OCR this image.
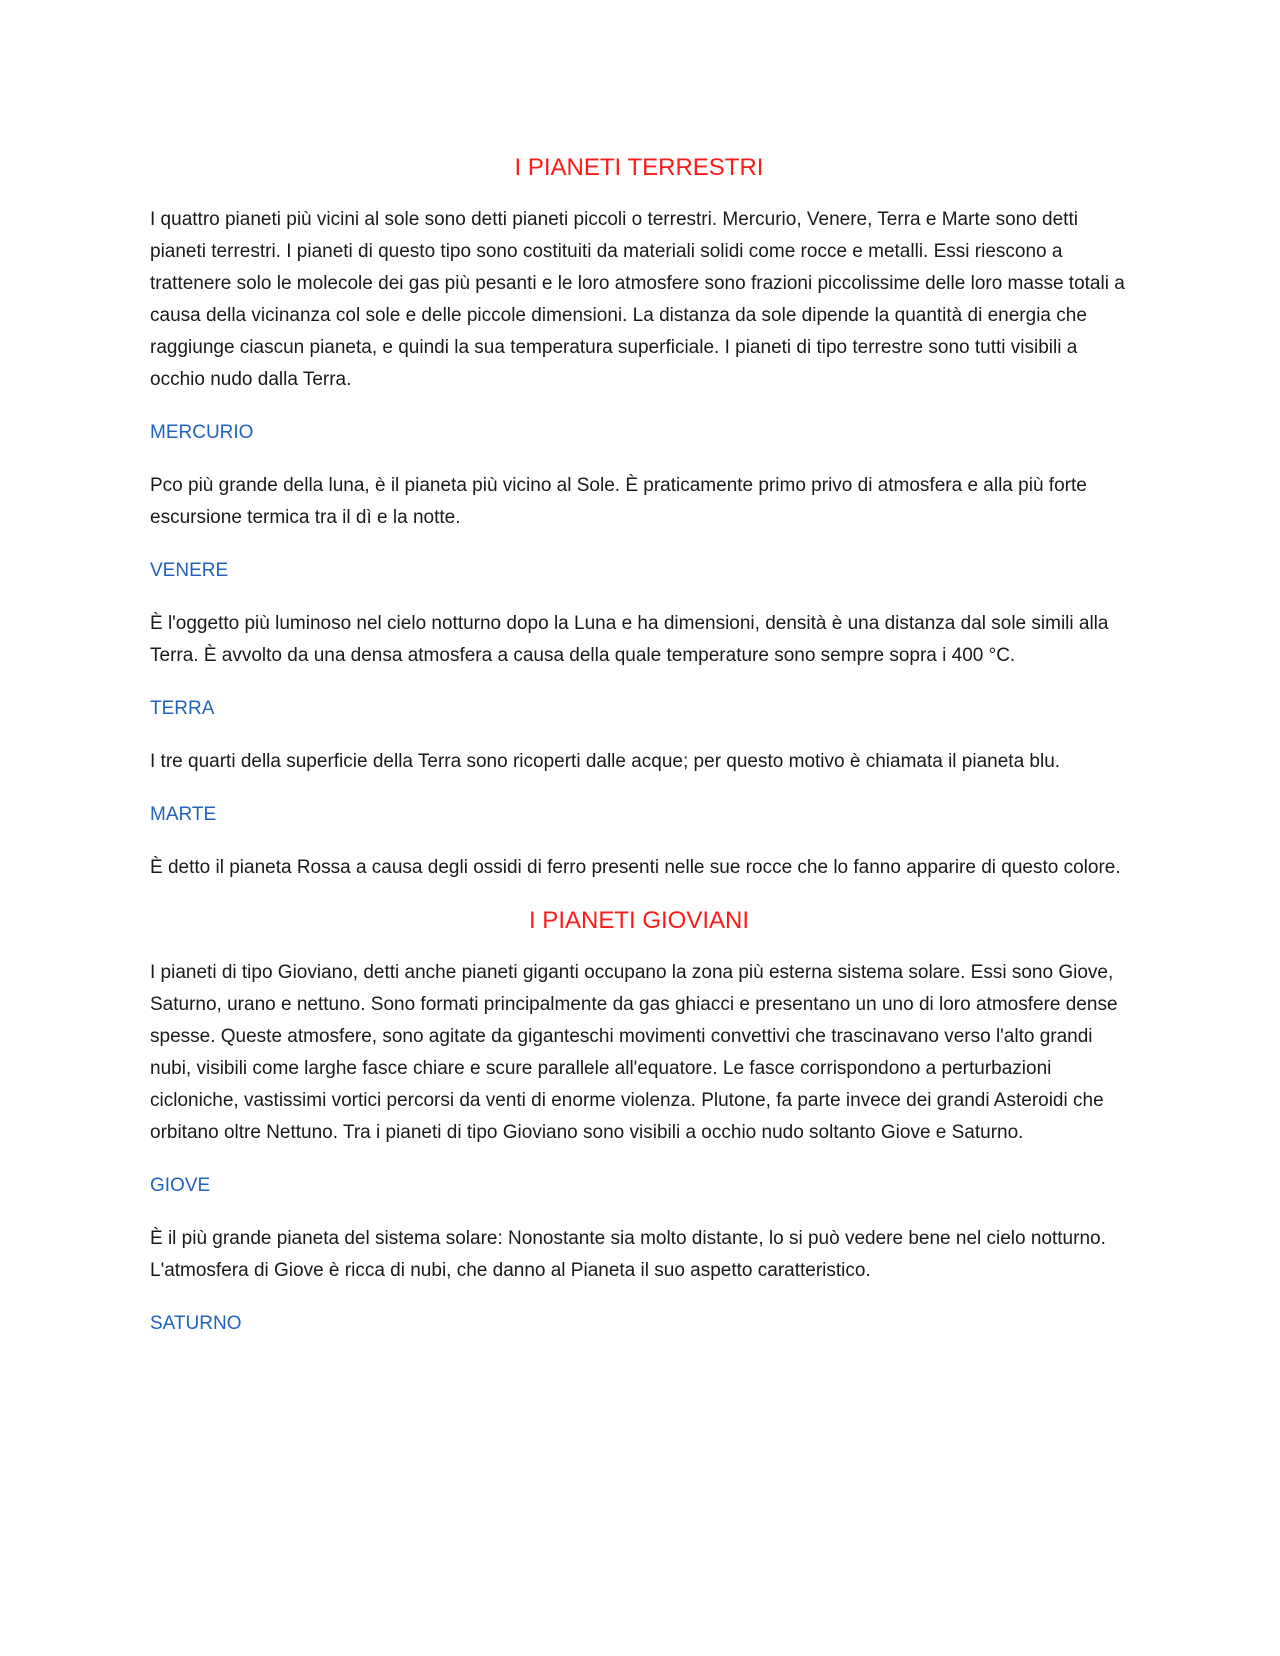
I PIANETI TERRESTRI

I quattro pianeti più vicini al sole sono detti pianeti piccoli o terrestri. Mercurio, Venere, Terra e Marte sono detti pianeti terrestri. I pianeti di questo tipo sono costituiti da materiali solidi come rocce e metalli. Essi riescono a trattenere solo le molecole dei gas più pesanti e le loro atmosfere sono frazioni piccolissime delle loro masse totali a causa della vicinanza col sole e delle piccole dimensioni. La distanza da sole dipende la quantità di energia che raggiunge ciascun pianeta, e quindi la sua temperatura superficiale. I pianeti di tipo terrestre sono tutti visibili a occhio nudo dalla Terra.

MERCURIO

Pco più grande della luna, è il pianeta più vicino al Sole. È praticamente primo privo di atmosfera e alla più forte escursione termica tra il dì e la notte.

VENERE

È l'oggetto più luminoso nel cielo notturno dopo la Luna e ha dimensioni, densità è una distanza dal sole simili alla Terra. È avvolto da una densa atmosfera a causa della quale temperature sono sempre sopra i 400 °C.

TERRA

I tre quarti della superficie della Terra sono ricoperti dalle acque; per questo motivo è chiamata il pianeta blu.

MARTE

È detto il pianeta Rossa a causa degli ossidi di ferro presenti nelle sue rocce che lo fanno apparire di questo colore.

I PIANETI GIOVIANI

I pianeti di tipo Gioviano, detti anche pianeti giganti occupano la zona più esterna sistema solare. Essi sono Giove, Saturno, urano e nettuno. Sono formati principalmente da gas ghiacci e presentano un uno di loro atmosfere dense spesse. Queste atmosfere, sono agitate da giganteschi movimenti convettivi che trascinavano verso l'alto grandi nubi, visibili come larghe fasce chiare e scure parallele all'equatore. Le fasce corrispondono a perturbazioni cicloniche, vastissimi vortici percorsi da venti di enorme violenza. Plutone, fa parte invece dei grandi Asteroidi che orbitano oltre Nettuno. Tra i pianeti di tipo Gioviano sono visibili a occhio nudo soltanto Giove e Saturno.

GIOVE

È il più grande pianeta del sistema solare: Nonostante sia molto distante, lo si può vedere bene nel cielo notturno. L'atmosfera di Giove è ricca di nubi, che danno al Pianeta il suo aspetto caratteristico.

SATURNO
